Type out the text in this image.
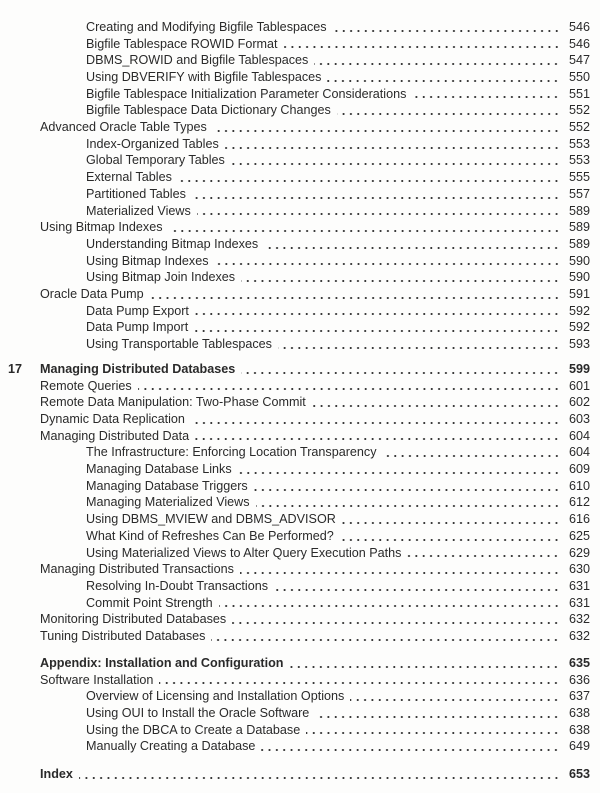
Creating and Modifying Bigfile Tablespaces	546
Bigfile Tablespace ROWID Format	546
DBMS_ROWID and Bigfile Tablespaces	547
Using DBVERIFY with Bigfile Tablespaces	550
Bigfile Tablespace Initialization Parameter Considerations	551
Bigfile Tablespace Data Dictionary Changes	552
Advanced Oracle Table Types	552
Index-Organized Tables	553
Global Temporary Tables	553
External Tables	555
Partitioned Tables	557
Materialized Views	589
Using Bitmap Indexes	589
Understanding Bitmap Indexes	589
Using Bitmap Indexes	590
Using Bitmap Join Indexes	590
Oracle Data Pump	591
Data Pump Export	592
Data Pump Import	592
Using Transportable Tablespaces	593
17 Managing Distributed Databases	599
Remote Queries	601
Remote Data Manipulation: Two-Phase Commit	602
Dynamic Data Replication	603
Managing Distributed Data	604
The Infrastructure: Enforcing Location Transparency	604
Managing Database Links	609
Managing Database Triggers	610
Managing Materialized Views	612
Using DBMS_MVIEW and DBMS_ADVISOR	616
What Kind of Refreshes Can Be Performed?	625
Using Materialized Views to Alter Query Execution Paths	629
Managing Distributed Transactions	630
Resolving In-Doubt Transactions	631
Commit Point Strength	631
Monitoring Distributed Databases	632
Tuning Distributed Databases	632
Appendix: Installation and Configuration	635
Software Installation	636
Overview of Licensing and Installation Options	637
Using OUI to Install the Oracle Software	638
Using the DBCA to Create a Database	638
Manually Creating a Database	649
Index	653
